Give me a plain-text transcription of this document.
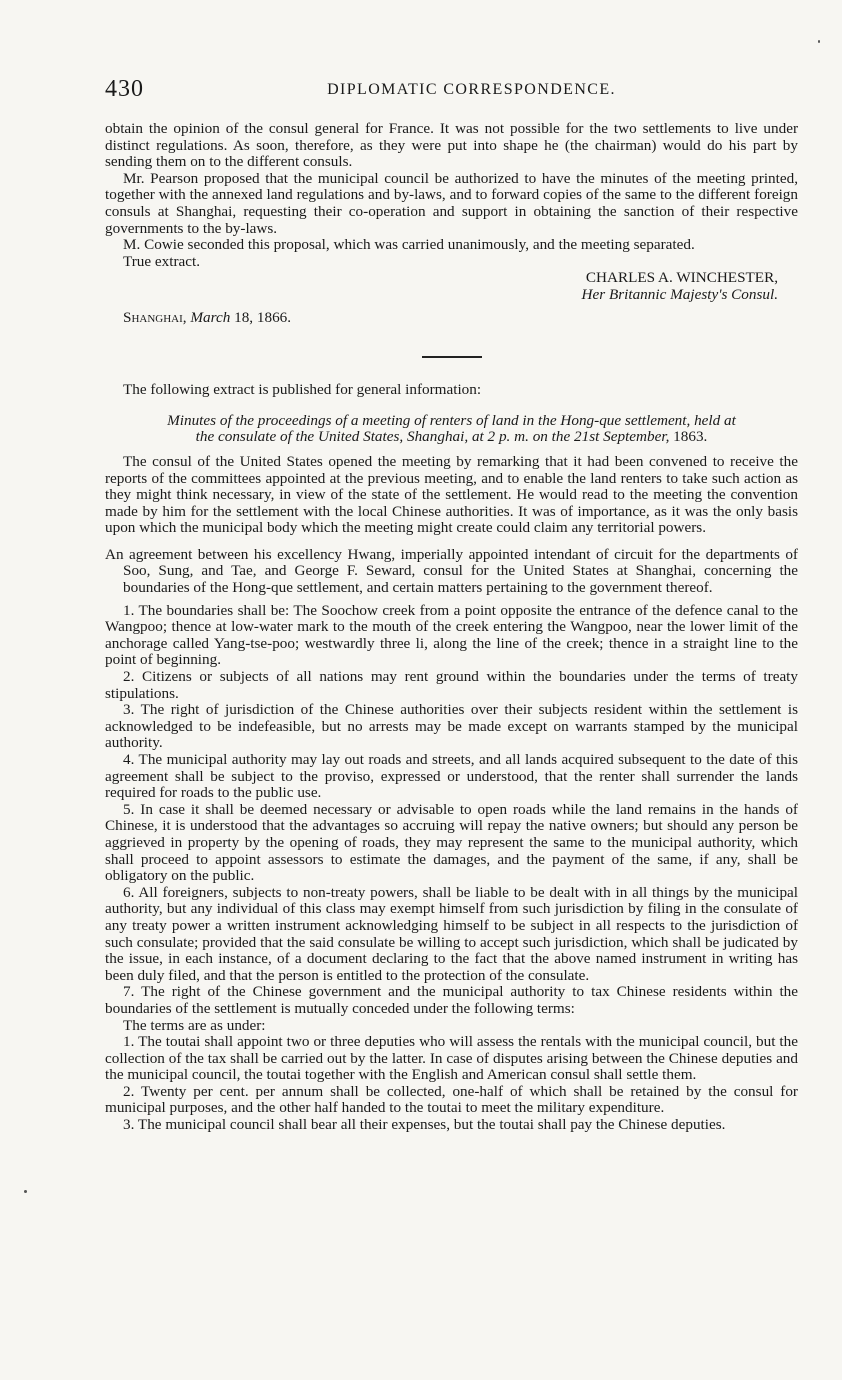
430	DIPLOMATIC CORRESPONDENCE.

obtain the opinion of the consul general for France. It was not possible for the two settlements to live under distinct regulations. As soon, therefore, as they were put into shape he (the chairman) would do his part by sending them on to the different consuls.

Mr. Pearson proposed that the municipal council be authorized to have the minutes of the meeting printed, together with the annexed land regulations and by-laws, and to forward copies of the same to the different foreign consuls at Shanghai, requesting their co-operation and support in obtaining the sanction of their respective governments to the by-laws.

M. Cowie seconded this proposal, which was carried unanimously, and the meeting separated.

True extract.

CHARLES A. WINCHESTER,
Her Britannic Majesty's Consul.
Shanghai, March 18, 1866.

The following extract is published for general information:

Minutes of the proceedings of a meeting of renters of land in the Hong-que settlement, held at
the consulate of the United States, Shanghai, at 2 p. m. on the 21st September, 1863.

The consul of the United States opened the meeting by remarking that it had been convened to receive the reports of the committees appointed at the previous meeting, and to enable the land renters to take such action as they might think necessary, in view of the state of the settlement. He would read to the meeting the convention made by him for the settlement with the local Chinese authorities. It was of importance, as it was the only basis upon which the municipal body which the meeting might create could claim any territorial powers.

An agreement between his excellency Hwang, imperially appointed intendant of circuit for the departments of Soo, Sung, and Tae, and George F. Seward, consul for the United States at Shanghai, concerning the boundaries of the Hong-que settlement, and certain matters pertaining to the government thereof.

1. The boundaries shall be: The Soochow creek from a point opposite the entrance of the defence canal to the Wangpoo; thence at low-water mark to the mouth of the creek entering the Wangpoo, near the lower limit of the anchorage called Yang-tse-poo; westwardly three li, along the line of the creek; thence in a straight line to the point of beginning.

2. Citizens or subjects of all nations may rent ground within the boundaries under the terms of treaty stipulations.

3. The right of jurisdiction of the Chinese authorities over their subjects resident within the settlement is acknowledged to be indefeasible, but no arrests may be made except on warrants stamped by the municipal authority.

4. The municipal authority may lay out roads and streets, and all lands acquired subsequent to the date of this agreement shall be subject to the proviso, expressed or understood, that the renter shall surrender the lands required for roads to the public use.

5. In case it shall be deemed necessary or advisable to open roads while the land remains in the hands of Chinese, it is understood that the advantages so accruing will repay the native owners; but should any person be aggrieved in property by the opening of roads, they may represent the same to the municipal authority, which shall proceed to appoint assessors to estimate the damages, and the payment of the same, if any, shall be obligatory on the public.

6. All foreigners, subjects to non-treaty powers, shall be liable to be dealt with in all things by the municipal authority, but any individual of this class may exempt himself from such jurisdiction by filing in the consulate of any treaty power a written instrument acknowledging himself to be subject in all respects to the jurisdiction of such consulate; provided that the said consulate be willing to accept such jurisdiction, which shall be judicated by the issue, in each instance, of a document declaring to the fact that the above named instrument in writing has been duly filed, and that the person is entitled to the protection of the consulate.

7. The right of the Chinese government and the municipal authority to tax Chinese residents within the boundaries of the settlement is mutually conceded under the following terms:

The terms are as under:

1. The toutai shall appoint two or three deputies who will assess the rentals with the municipal council, but the collection of the tax shall be carried out by the latter. In case of disputes arising between the Chinese deputies and the municipal council, the toutai together with the English and American consul shall settle them.

2. Twenty per cent. per annum shall be collected, one-half of which shall be retained by the consul for municipal purposes, and the other half handed to the toutai to meet the military expenditure.

3. The municipal council shall bear all their expenses, but the toutai shall pay the Chinese deputies.
